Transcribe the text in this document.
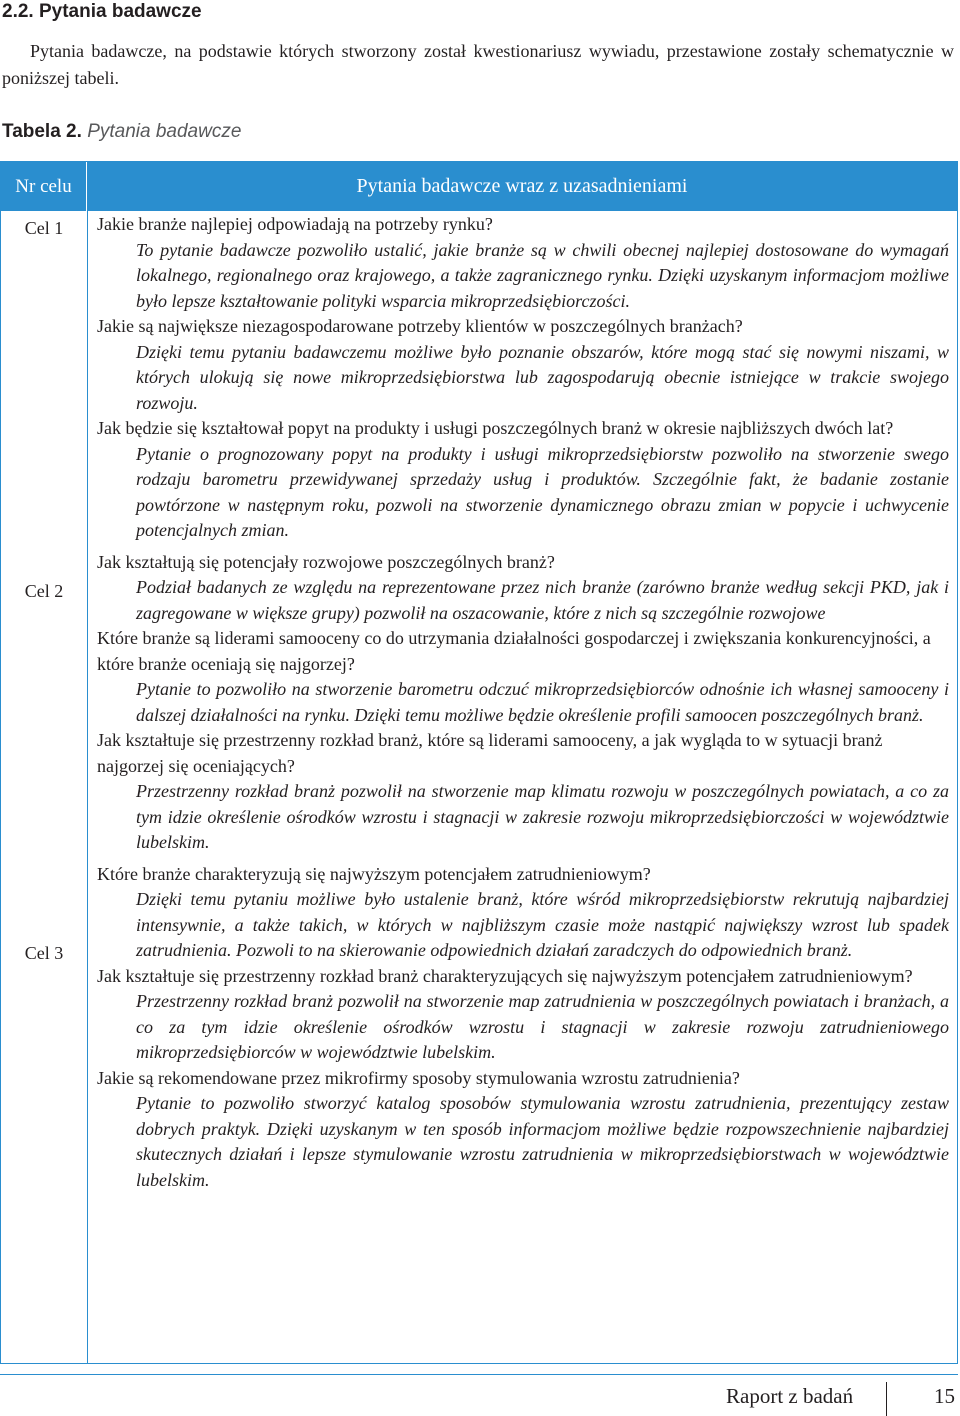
2.2. Pytania badawcze

Pytania badawcze, na podstawie których stworzony został kwestionariusz wywiadu, przestawione zostały schematycznie w poniższej tabeli.

Tabela 2. Pytania badawcze
Nr celu	Pytania badawcze wraz z uzasadnieniami
Cel 1
Cel 2
Cel 3

Jakie branże najlepiej odpowiadają na potrzeby rynku?

To pytanie badawcze pozwoliło ustalić, jakie branże są w chwili obecnej najlepiej dostosowane do wymagań lokalnego, regionalnego oraz krajowego, a także zagranicznego rynku. Dzięki uzyskanym informacjom możliwe było lepsze kształtowanie polityki wsparcia mikroprzedsiębiorczości.

Jakie są największe niezagospodarowane potrzeby klientów w poszczególnych branżach?

Dzięki temu pytaniu badawczemu możliwe było poznanie obszarów, które mogą stać się nowymi niszami, w których ulokują się nowe mikroprzedsiębiorstwa lub zagospodarują obecnie istniejące w trakcie swojego rozwoju.

Jak będzie się kształtował popyt na produkty i usługi poszczególnych branż w okresie najbliższych dwóch lat?

Pytanie o prognozowany popyt na produkty i usługi mikroprzedsiębiorstw pozwoliło na stworzenie swego rodzaju barometru przewidywanej sprzedaży usług i produktów. Szczególnie fakt, że badanie zostanie powtórzone w następnym roku, pozwoli na stworzenie dynamicznego obrazu zmian w popycie i uchwycenie potencjalnych zmian.

Jak kształtują się potencjały rozwojowe poszczególnych branż?

Podział badanych ze względu na reprezentowane przez nich branże (zarówno branże według sekcji PKD, jak i zagregowane w większe grupy) pozwolił na oszacowanie, które z nich są szczególnie rozwojowe

Które branże są liderami samooceny co do utrzymania działalności gospodarczej i zwiększania konkurencyjności, a które branże oceniają się najgorzej?

Pytanie to pozwoliło na stworzenie barometru odczuć mikroprzedsiębiorców odnośnie ich własnej samooceny i dalszej działalności na rynku. Dzięki temu możliwe będzie określenie profili samoocen poszczególnych branż.

Jak kształtuje się przestrzenny rozkład branż, które są liderami samooceny, a jak wygląda to w sytuacji branż najgorzej się oceniających?

Przestrzenny rozkład branż pozwolił na stworzenie map klimatu rozwoju w poszczególnych powiatach, a co za tym idzie określenie ośrodków wzrostu i stagnacji w zakresie rozwoju mikroprzedsiębiorczości w województwie lubelskim.

Które branże charakteryzują się najwyższym potencjałem zatrudnieniowym?

Dzięki temu pytaniu możliwe było ustalenie branż, które wśród mikroprzedsiębiorstw rekrutują najbardziej intensywnie, a także takich, w których w najbliższym czasie może nastąpić największy wzrost lub spadek zatrudnienia. Pozwoli to na skierowanie odpowiednich działań zaradczych do odpowiednich branż.

Jak kształtuje się przestrzenny rozkład branż charakteryzujących się najwyższym potencjałem zatrudnieniowym?

Przestrzenny rozkład branż pozwolił na stworzenie map zatrudnienia w poszczególnych powiatach i branżach, a co za tym idzie określenie ośrodków wzrostu i stagnacji w zakresie rozwoju zatrudnieniowego mikroprzedsiębiorców w województwie lubelskim.

Jakie są rekomendowane przez mikrofirmy sposoby stymulowania wzrostu zatrudnienia?

Pytanie to pozwoliło stworzyć katalog sposobów stymulowania wzrostu zatrudnienia, prezentujący zestaw dobrych praktyk. Dzięki uzyskanym w ten sposób informacjom możliwe będzie rozpowszechnienie najbardziej skutecznych działań i lepsze stymulowanie wzrostu zatrudnienia w mikroprzedsiębiorstwach w województwie lubelskim.

Raport z badań	15
